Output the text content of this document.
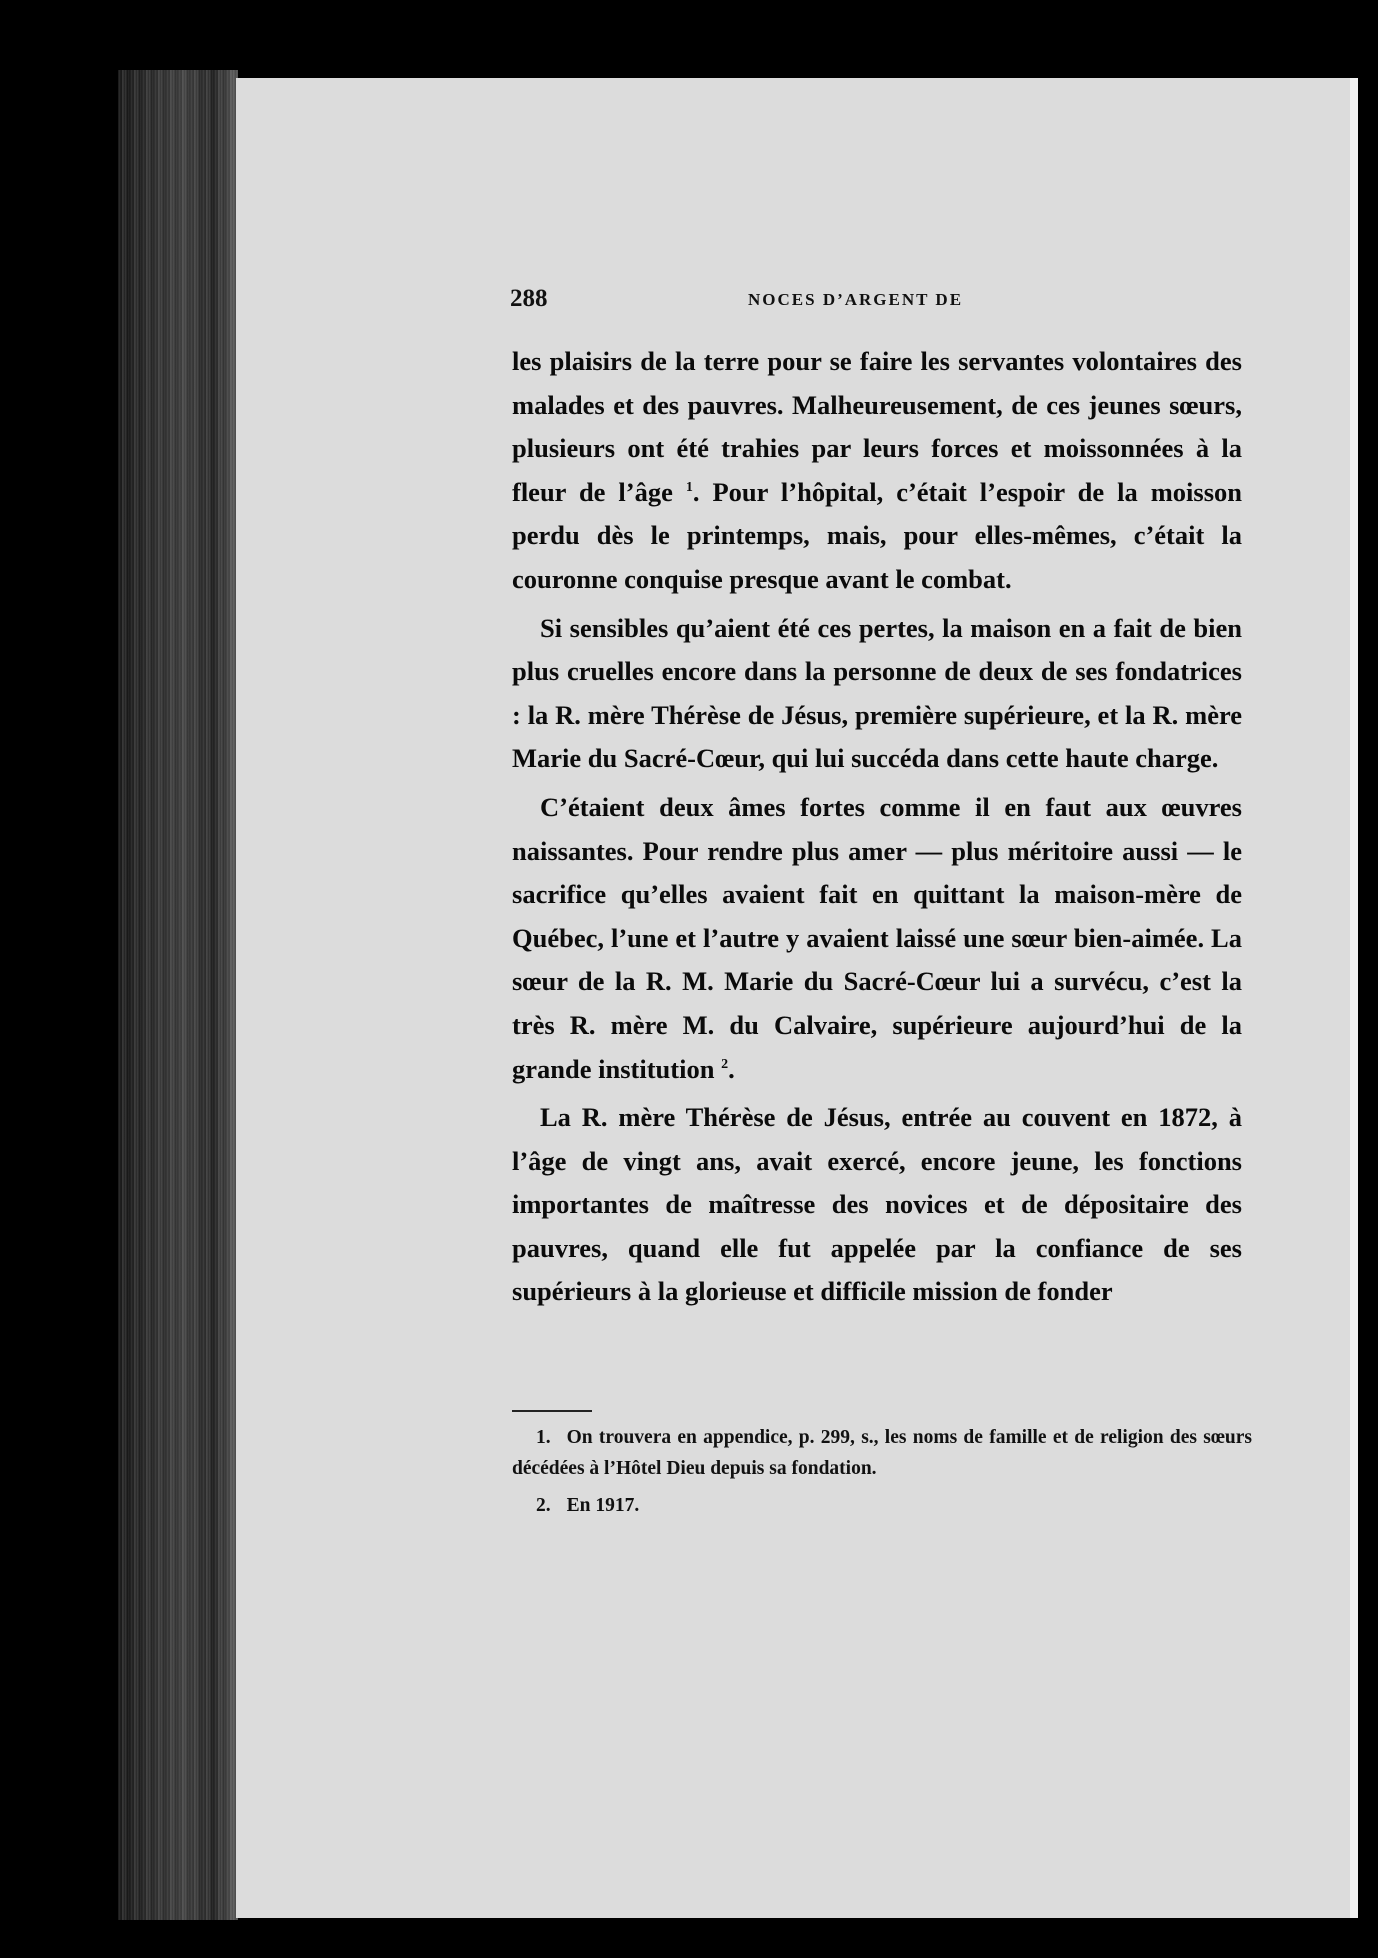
288	NOCES D’ARGENT DE

les plaisirs de la terre pour se faire les servantes volontaires des malades et des pauvres. Malheureusement, de ces jeunes sœurs, plusieurs ont été trahies par leurs forces et moissonnées à la fleur de l’âge $^1$. Pour l’hôpital, c’était l’espoir de la moisson perdu dès le printemps, mais, pour elles-mêmes, c’était la couronne conquise presque avant le combat.

Si sensibles qu’aient été ces pertes, la maison en a fait de bien plus cruelles encore dans la personne de deux de ses fondatrices : la R. mère Thérèse de Jésus, première supérieure, et la R. mère Marie du Sacré-Cœur, qui lui succéda dans cette haute charge.

C’étaient deux âmes fortes comme il en faut aux œuvres naissantes. Pour rendre plus amer — plus méritoire aussi — le sacrifice qu’elles avaient fait en quittant la maison-mère de Québec, l’une et l’autre y avaient laissé une sœur bien-aimée. La sœur de la R. M. Marie du Sacré-Cœur lui a survécu, c’est la très R. mère M. du Calvaire, supérieure aujourd’hui de la grande institution $^2$.

La R. mère Thérèse de Jésus, entrée au couvent en 1872, à l’âge de vingt ans, avait exercé, encore jeune, les fonctions importantes de maîtresse des novices et de dépositaire des pauvres, quand elle fut appelée par la confiance de ses supérieurs à la glorieuse et difficile mission de fonder

1. On trouvera en appendice, p. 299, s., les noms de famille et de religion des sœurs décédées à l’Hôtel Dieu depuis sa fondation.

2. En 1917.
